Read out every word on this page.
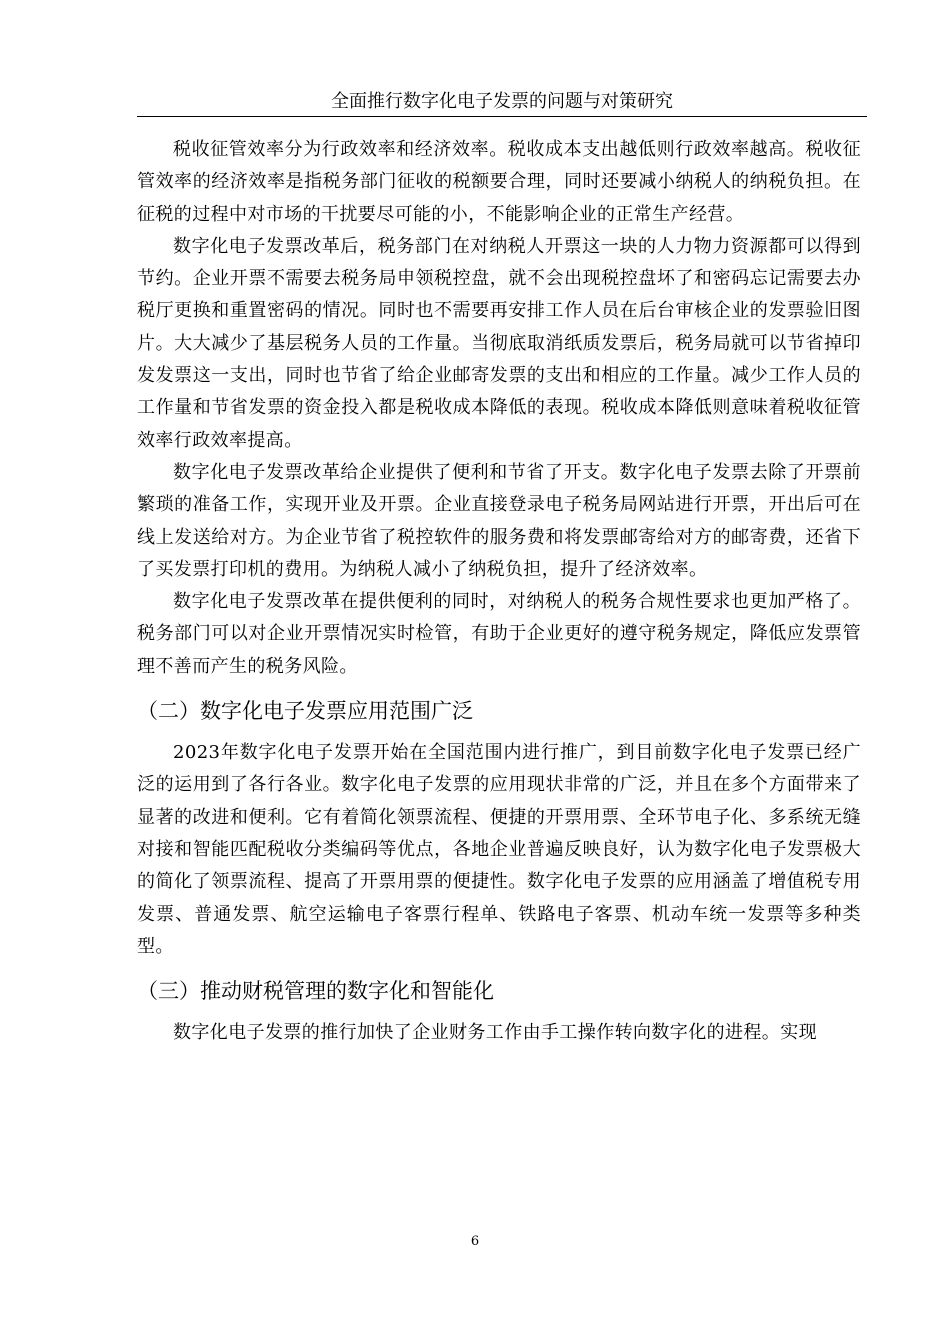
全面推行数字化电子发票的问题与对策研究

税收征管效率分为行政效率和经济效率。税收成本支出越低则行政效率越高。税收征管效率的经济效率是指税务部门征收的税额要合理，同时还要减小纳税人的纳税负担。在征税的过程中对市场的干扰要尽可能的小，不能影响企业的正常生产经营。

数字化电子发票改革后，税务部门在对纳税人开票这一块的人力物力资源都可以得到节约。企业开票不需要去税务局申领税控盘，就不会出现税控盘坏了和密码忘记需要去办税厅更换和重置密码的情况。同时也不需要再安排工作人员在后台审核企业的发票验旧图片。大大减少了基层税务人员的工作量。当彻底取消纸质发票后，税务局就可以节省掉印发发票这一支出，同时也节省了给企业邮寄发票的支出和相应的工作量。减少工作人员的工作量和节省发票的资金投入都是税收成本降低的表现。税收成本降低则意味着税收征管效率行政效率提高。

数字化电子发票改革给企业提供了便利和节省了开支。数字化电子发票去除了开票前繁琐的准备工作，实现开业及开票。企业直接登录电子税务局网站进行开票，开出后可在线上发送给对方。为企业节省了税控软件的服务费和将发票邮寄给对方的邮寄费，还省下了买发票打印机的费用。为纳税人减小了纳税负担，提升了经济效率。

数字化电子发票改革在提供便利的同时，对纳税人的税务合规性要求也更加严格了。税务部门可以对企业开票情况实时检管，有助于企业更好的遵守税务规定，降低应发票管理不善而产生的税务风险。

（二）数字化电子发票应用范围广泛

2023年数字化电子发票开始在全国范围内进行推广，到目前数字化电子发票已经广泛的运用到了各行各业。数字化电子发票的应用现状非常的广泛，并且在多个方面带来了显著的改进和便利。它有着简化领票流程、便捷的开票用票、全环节电子化、多系统无缝对接和智能匹配税收分类编码等优点，各地企业普遍反映良好，认为数字化电子发票极大的简化了领票流程、提高了开票用票的便捷性。数字化电子发票的应用涵盖了增值税专用发票、普通发票、航空运输电子客票行程单、铁路电子客票、机动车统一发票等多种类型。

（三）推动财税管理的数字化和智能化

数字化电子发票的推行加快了企业财务工作由手工操作转向数字化的进程。实现

6
